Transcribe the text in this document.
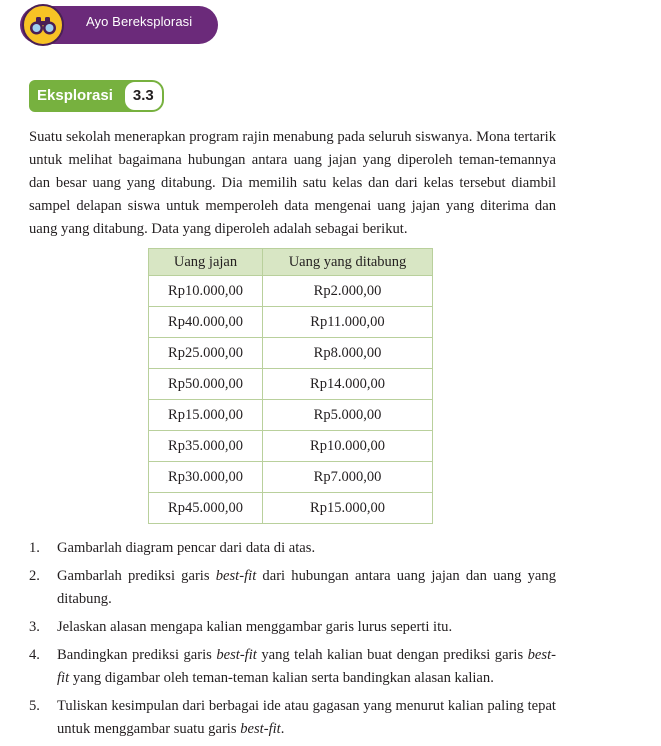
Ayo Bereksplorasi
Eksplorasi	3.3

Suatu sekolah menerapkan program rajin menabung pada seluruh siswanya. Mona tertarik untuk melihat bagaimana hubungan antara uang jajan yang diperoleh teman-temannya dan besar uang yang ditabung. Dia memilih satu kelas dan dari kelas tersebut diambil sampel delapan siswa untuk memperoleh data mengenai uang jajan yang diterima dan uang yang ditabung. Data yang diperoleh adalah sebagai berikut.

Uang jajan	Uang yang ditabung
Rp10.000,00	Rp2.000,00
Rp40.000,00	Rp11.000,00
Rp25.000,00	Rp8.000,00
Rp50.000,00	Rp14.000,00
Rp15.000,00	Rp5.000,00
Rp35.000,00	Rp10.000,00
Rp30.000,00	Rp7.000,00
Rp45.000,00	Rp15.000,00
1. Gambarlah diagram pencar dari data di atas.
2. Gambarlah prediksi garis best-fit dari hubungan antara uang jajan dan uang yang ditabung.
3. Jelaskan alasan mengapa kalian menggambar garis lurus seperti itu.
4. Bandingkan prediksi garis best-fit yang telah kalian buat dengan prediksi garis best-fit yang digambar oleh teman-teman kalian serta bandingkan alasan kalian.
5. Tuliskan kesimpulan dari berbagai ide atau gagasan yang menurut kalian paling tepat untuk menggambar suatu garis best-fit.
